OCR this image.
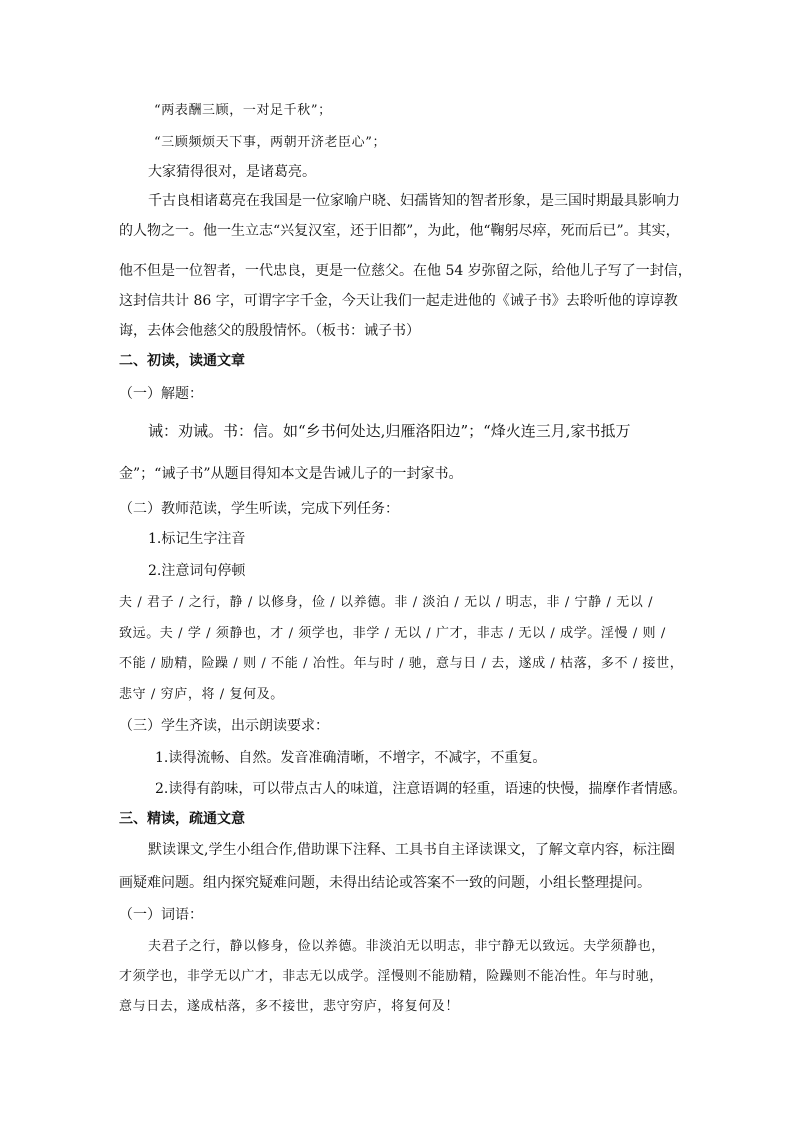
“两表酬三顾，一对足千秋”；
“三顾频烦天下事，两朝开济老臣心”；
大家猜得很对，是诸葛亮。
千古良相诸葛亮在我国是一位家喻户晓、妇孺皆知的智者形象，是三国时期最具影响力
的人物之一。他一生立志“兴复汉室，还于旧都”，为此，他“鞠躬尽瘁，死而后已”。其实，
他不但是一位智者，一代忠良，更是一位慈父。在他 54 岁弥留之际，给他儿子写了一封信，
这封信共计 86 字，可谓字字千金，今天让我们一起走进他的《诫子书》去聆听他的谆谆教
诲，去体会他慈父的殷殷情怀。（板书：诫子书）
二、初读，读通文章
（一）解题：
诫：劝诫。书：信。如“乡书何处达,归雁洛阳边”；“烽火连三月,家书抵万
金”；“诫子书”从题目得知本文是告诫儿子的一封家书。
（二）教师范读，学生听读，完成下列任务：
1.标记生字注音
2.注意词句停顿
夫 / 君子 / 之行，静 / 以修身，俭 / 以养德。非 / 淡泊 / 无以 / 明志，非 / 宁静 / 无以 /
致远。夫 / 学 / 须静也，才 / 须学也，非学 / 无以 / 广才，非志 / 无以 / 成学。淫慢 / 则 /
不能 / 励精，险躁 / 则 / 不能 / 冶性。年与时 / 驰，意与日 / 去，遂成 / 枯落，多不 / 接世，
悲守 / 穷庐，将 / 复何及。
（三）学生齐读，出示朗读要求：
1.读得流畅、自然。发音准确清晰，不增字，不减字，不重复。
2.读得有韵味，可以带点古人的味道，注意语调的轻重，语速的快慢，揣摩作者情感。
三、精读，疏通文意
默读课文,学生小组合作,借助课下注释、工具书自主译读课文，了解文章内容，标注圈
画疑难问题。组内探究疑难问题，未得出结论或答案不一致的问题，小组长整理提问。
（一）词语：
夫君子之行，静以修身，俭以养德。非淡泊无以明志，非宁静无以致远。夫学须静也，
才须学也，非学无以广才，非志无以成学。淫慢则不能励精，险躁则不能冶性。年与时驰，
意与日去，遂成枯落，多不接世，悲守穷庐，将复何及！
